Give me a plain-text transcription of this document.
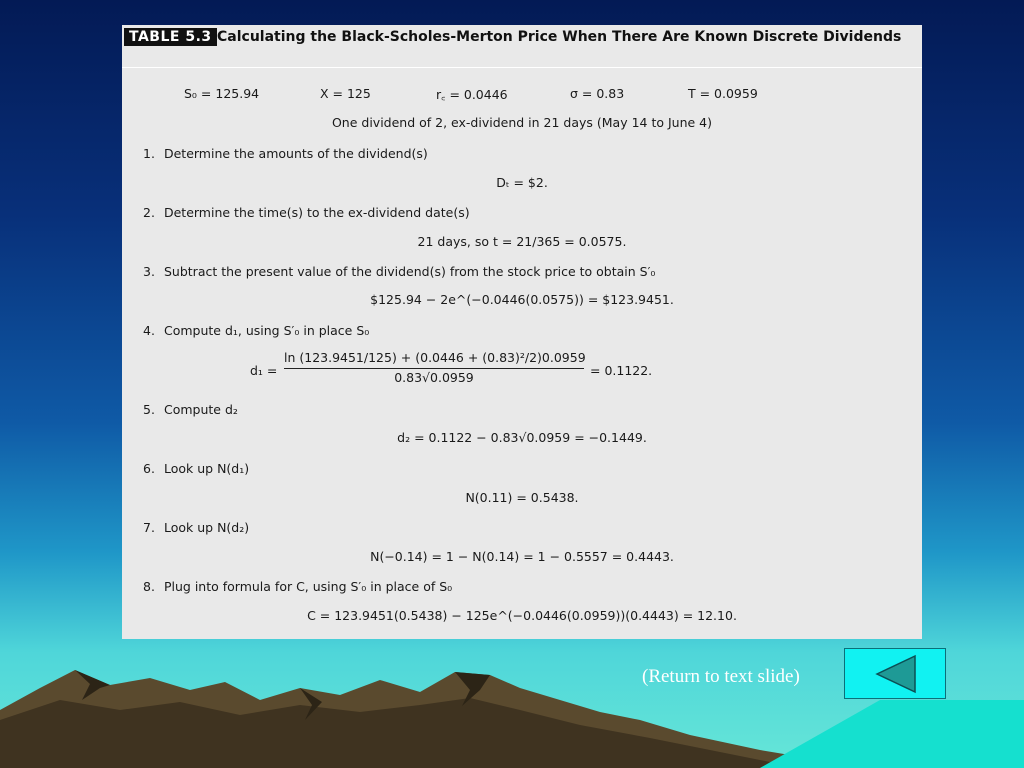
TABLE 5.3 Calculating the Black-Scholes-Merton Price When There Are Known Discrete Dividends
S₀ = 125.94	X = 125	r꜀ = 0.0446	σ = 0.83	T = 0.0959
One dividend of 2, ex-dividend in 21 days (May 14 to June 4)
1. Determine the amounts of the dividend(s)
Dₜ = $2.
2. Determine the time(s) to the ex-dividend date(s)
21 days, so t = 21/365 = 0.0575.
3. Subtract the present value of the dividend(s) from the stock price to obtain S′₀
$125.94 − 2e^(−0.0446(0.0575)) = $123.9451.
4. Compute d₁, using S′₀ in place S₀
d₁ =
ln (123.9451/125) + (0.0446 + (0.83)²/2)0.0959
0.83√0.0959	= 0.1122.
5. Compute d₂
d₂ = 0.1122 − 0.83√0.0959 = −0.1449.
6. Look up N(d₁)
N(0.11) = 0.5438.
7. Look up N(d₂)
N(−0.14) = 1 − N(0.14) = 1 − 0.5557 = 0.4443.
8. Plug into formula for C, using S′₀ in place of S₀
C = 123.9451(0.5438) − 125e^(−0.0446(0.0959))(0.4443) = 12.10.
(Return to text slide)
